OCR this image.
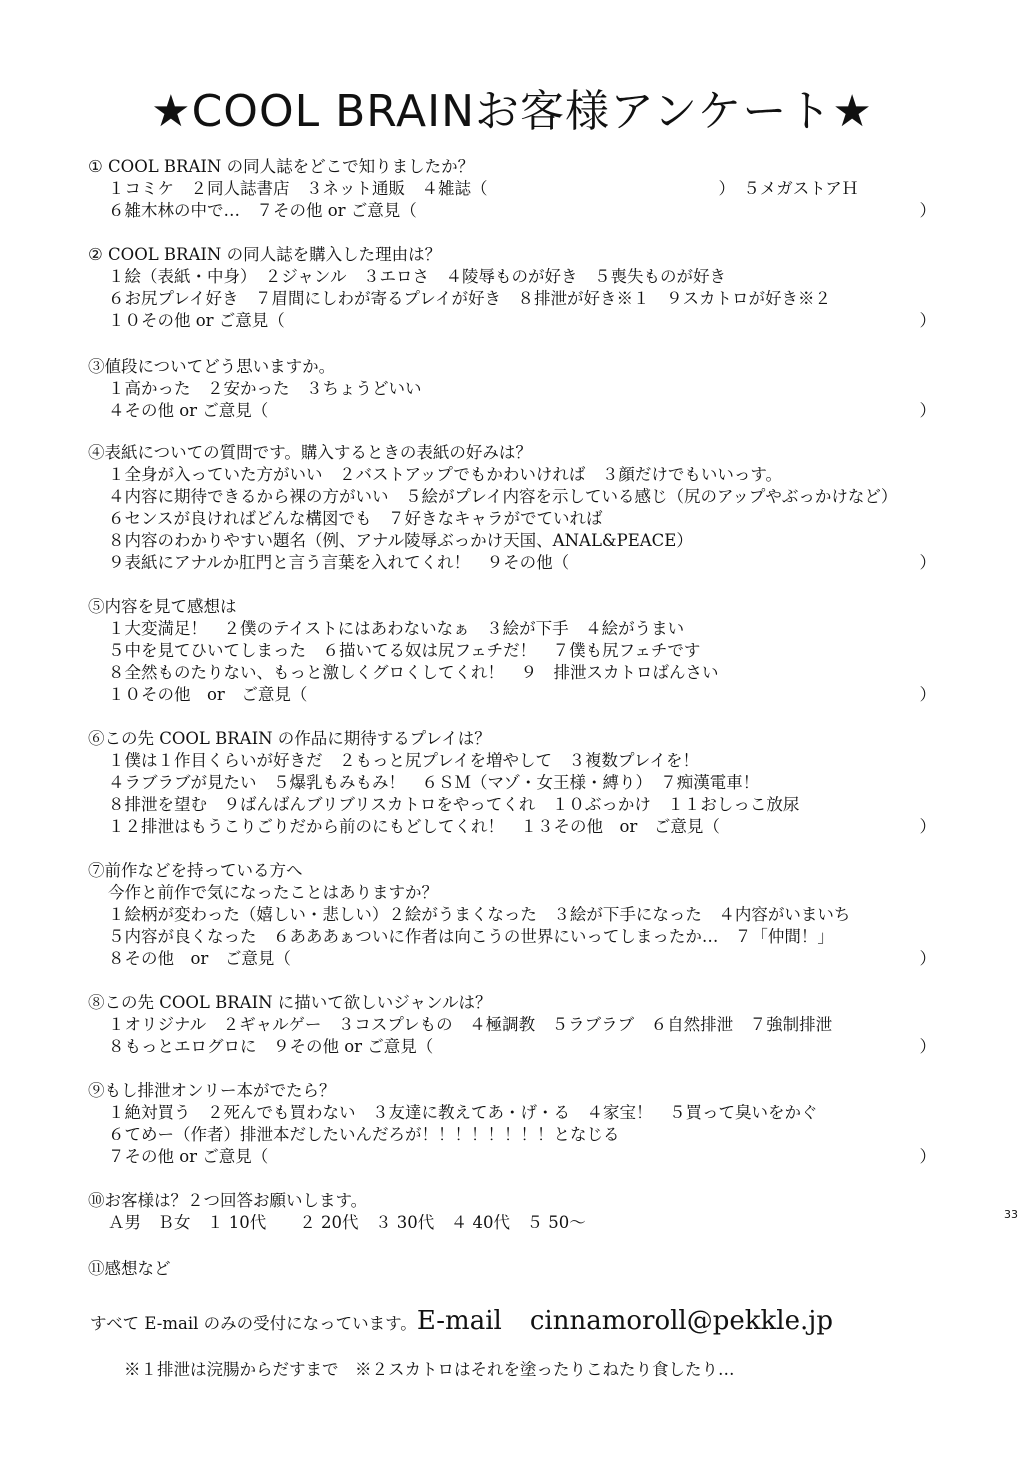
★COOL BRAINお客様アンケート★
① COOL BRAIN の同人誌をどこで知りましたか？
１コミケ　２同人誌書店　３ネット通販　４雑誌（　　　　　　　　　　　　　　）　５メガストアＨ
６雑木林の中で…　７その他 or ご意見（	）
② COOL BRAIN の同人誌を購入した理由は？
１絵（表紙・中身）　２ジャンル　３エロさ　４陵辱ものが好き　５喪失ものが好き
６お尻プレイ好き　７眉間にしわが寄るプレイが好き　８排泄が好き※１　９スカトロが好き※２
１０その他 or ご意見（	）
③値段についてどう思いますか。
１高かった　２安かった　３ちょうどいい
４その他 or ご意見（	）
④表紙についての質問です。購入するときの表紙の好みは？
１全身が入っていた方がいい　２バストアップでもかわいければ　３顔だけでもいいっす。
４内容に期待できるから裸の方がいい　５絵がプレイ内容を示している感じ（尻のアップやぶっかけなど）
６センスが良ければどんな構図でも　７好きなキャラがでていれば
８内容のわかりやすい題名（例、アナル陵辱ぶっかけ天国、ANAL&PEACE）
９表紙にアナルか肛門と言う言葉を入れてくれ！　９その他（	）
⑤内容を見て感想は
１大変満足！　２僕のテイストにはあわないなぁ　３絵が下手　４絵がうまい
５中を見てひいてしまった　６描いてる奴は尻フェチだ！　７僕も尻フェチです
８全然ものたりない、もっと激しくグロくしてくれ！　９　排泄スカトロばんさい
１０その他　or　ご意見（	）
⑥この先 COOL BRAIN の作品に期待するプレイは？
１僕は１作目くらいが好きだ　２もっと尻プレイを増やして　３複数プレイを！
４ラブラブが見たい　５爆乳もみもみ！　６ＳＭ（マゾ・女王様・縛り）　７痴漢電車！
８排泄を望む　９ばんばんブリブリスカトロをやってくれ　１０ぶっかけ　１１おしっこ放尿
１２排泄はもうこりごりだから前のにもどしてくれ！　１３その他　or　ご意見（	）
⑦前作などを持っている方へ
今作と前作で気になったことはありますか？
１絵柄が変わった（嬉しい・悲しい）２絵がうまくなった　３絵が下手になった　４内容がいまいち
５内容が良くなった　６あああぁついに作者は向こうの世界にいってしまったか…　７「仲間！」
８その他　or　ご意見（	）
⑧この先 COOL BRAIN に描いて欲しいジャンルは？
１オリジナル　２ギャルゲー　３コスプレもの　４極調教　５ラブラブ　６自然排泄　７強制排泄
８もっとエログロに　９その他 or ご意見（	）
⑨もし排泄オンリー本がでたら？
１絶対買う　２死んでも買わない　３友達に教えてあ・げ・る　４家宝！　５買って臭いをかぐ
６てめー（作者）排泄本だしたいんだろが！！！！！！！！となじる
７その他 or ご意見（	）
⑩お客様は？２つ回答お願いします。
Ａ男　Ｂ女　１ 10代　　２ 20代　３ 30代　４ 40代　５ 50～
⑪感想など
33
すべて E-mail のみの受付になっています。E-mail cinnamoroll@pekkle.jp
※１排泄は浣腸からだすまで　※２スカトロはそれを塗ったりこねたり食したり…
